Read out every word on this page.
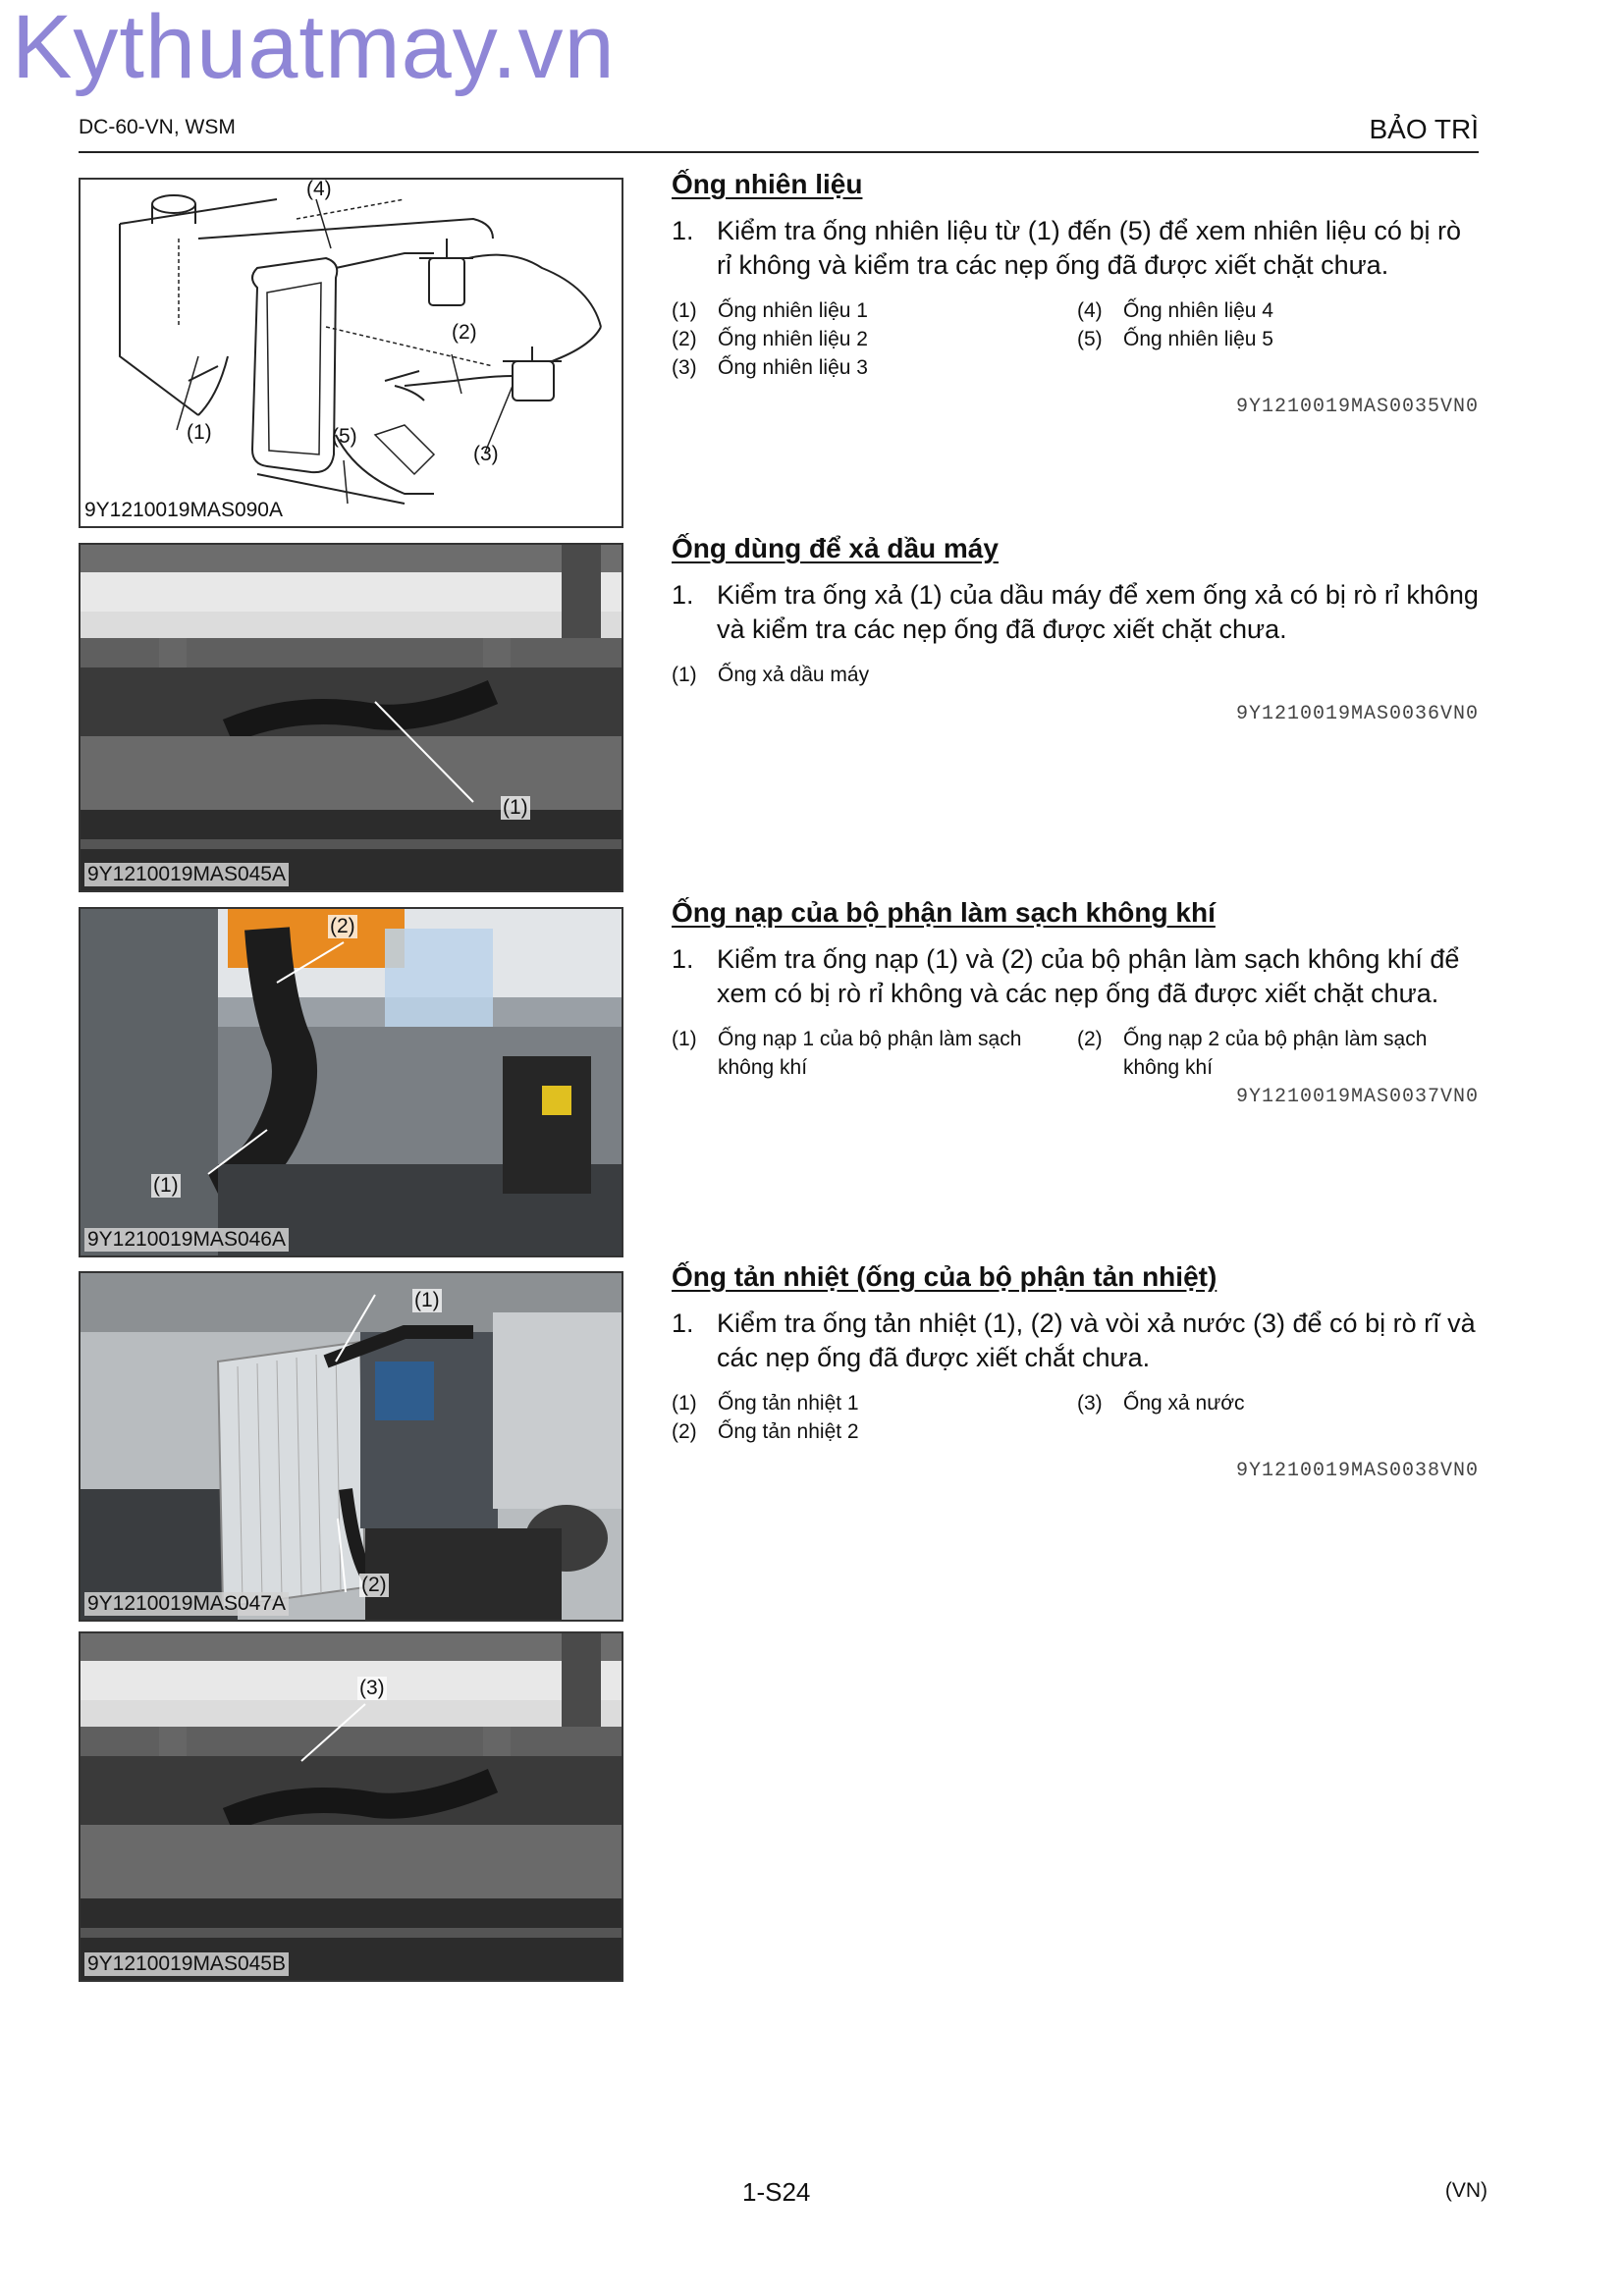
Kythuatmay.vn
DC-60-VN, WSM	BẢO TRÌ
(4)
(2)
(1)	(5)
(3)
9Y1210019MAS090A
(1)
9Y1210019MAS045A
(2)
(1)
9Y1210019MAS046A
(1)
(2)
9Y1210019MAS047A
(3)
9Y1210019MAS045B
Ống nhiên liệu
1. Kiểm tra ống nhiên liệu từ (1) đến (5) để xem nhiên liệu có bị rò rỉ không và kiểm tra các nẹp ống đã được xiết chặt chưa.
(1)	Ống nhiên liệu 1	(4)	Ống nhiên liệu 4
(2)	Ống nhiên liệu 2	(5)	Ống nhiên liệu 5
(3)	Ống nhiên liệu 3
9Y1210019MAS0035VN0
Ống dùng để xả dầu máy
1. Kiểm tra ống xả (1) của dầu máy để xem ống xả có bị rò rỉ không và kiểm tra các nẹp ống đã được xiết chặt chưa.
(1)	Ống xả dầu máy
9Y1210019MAS0036VN0
Ống nạp của bộ phận làm sạch không khí
1. Kiểm tra ống nạp (1) và (2) của bộ phận làm sạch không khí để xem có bị rò rỉ không và các nẹp ống đã được xiết chặt chưa.
(1)	Ống nạp 1 của bộ phận làm sạch không khí
(2)	Ống nạp 2 của bộ phận làm sạch không khí
9Y1210019MAS0037VN0
Ống tản nhiệt (ống của bộ phận tản nhiệt)
1. Kiểm tra ống tản nhiệt (1), (2) và vòi xả nước (3) để có bị rò rĩ và các nẹp ống đã được xiết chắt chưa.
(1)	Ống tản nhiệt 1	(3)	Ống xả nước
(2)	Ống tản nhiệt 2
9Y1210019MAS0038VN0
1-S24	(VN)
